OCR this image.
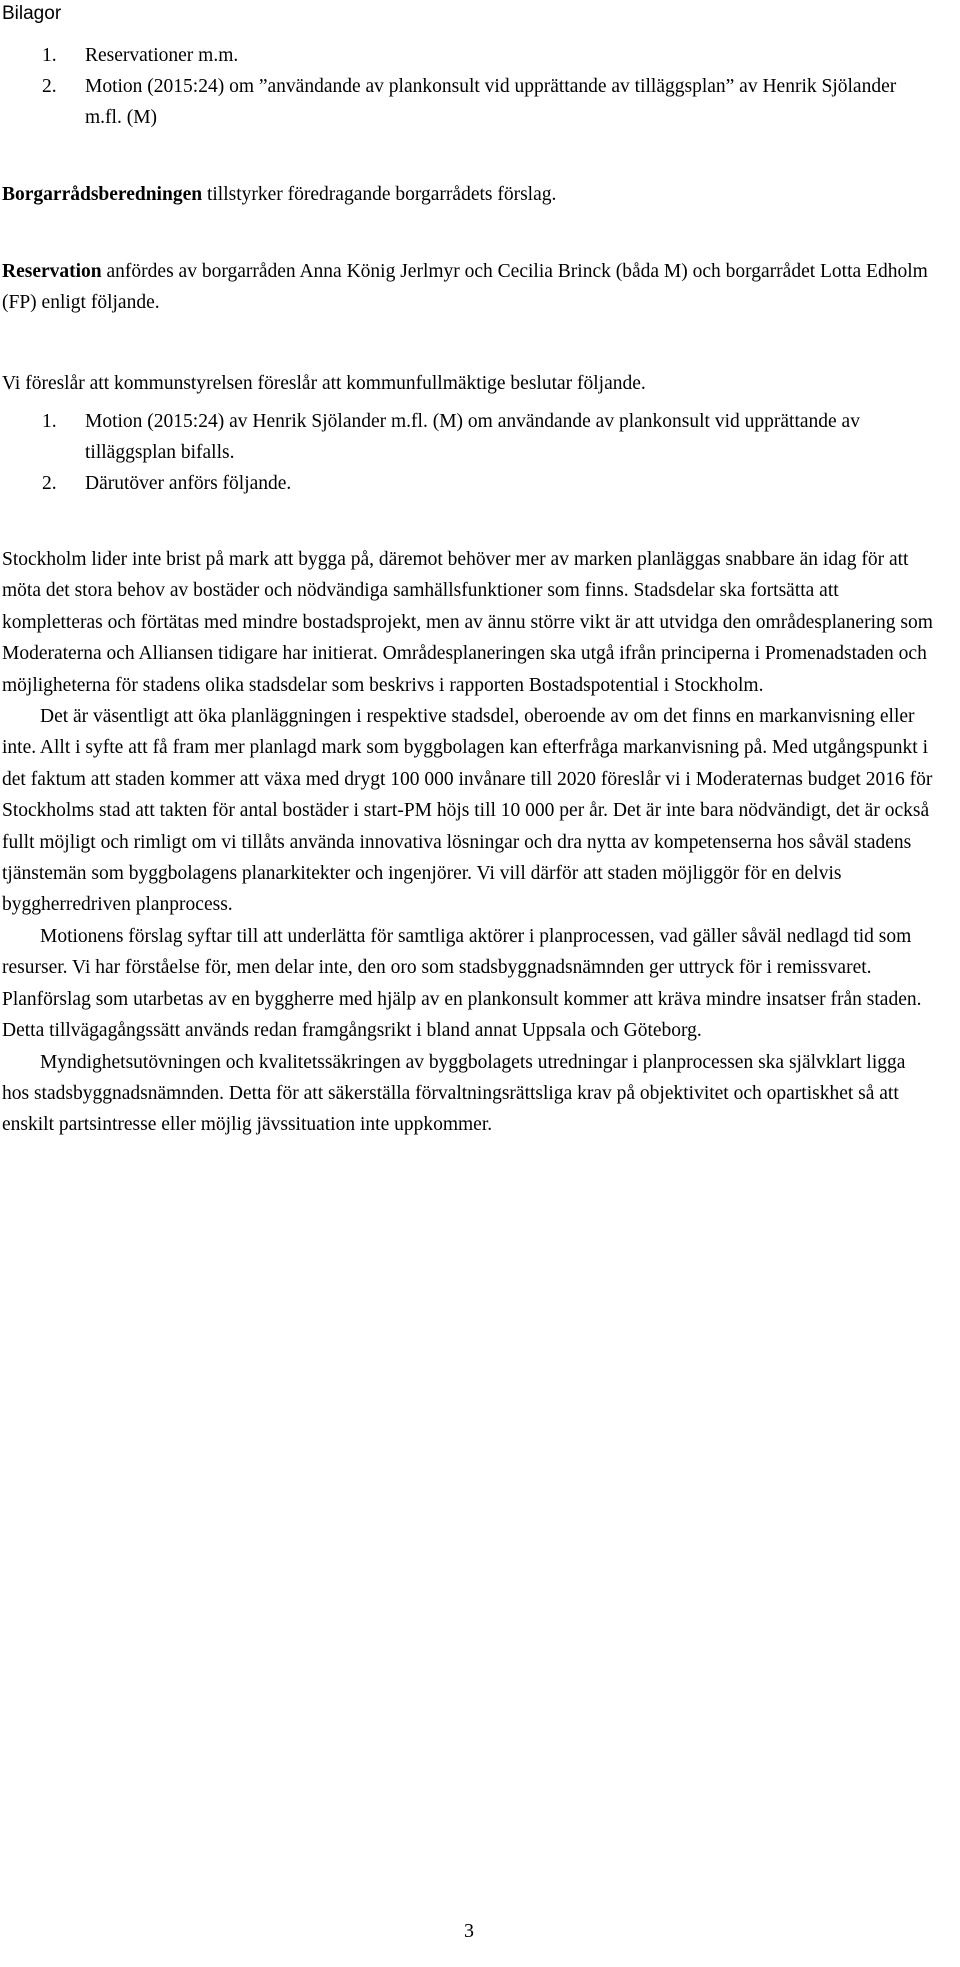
Bilagor
1. Reservationer m.m.
2. Motion (2015:24) om ”användande av plankonsult vid upprättande av tilläggsplan” av Henrik Sjölander m.fl. (M)

Borgarrådsberedningen tillstyrker föredragande borgarrådets förslag.

Reservation anfördes av borgarråden Anna König Jerlmyr och Cecilia Brinck (båda M) och borgarrådet Lotta Edholm (FP) enligt följande.

Vi föreslår att kommunstyrelsen föreslår att kommunfullmäktige beslutar följande.

1. Motion (2015:24) av Henrik Sjölander m.fl. (M) om användande av plankonsult vid upprättande av tilläggsplan bifalls.
2. Därutöver anförs följande.
Stockholm lider inte brist på mark att bygga på, däremot behöver mer av marken planläggas snabbare än idag för att möta det stora behov av bostäder och nödvändiga samhällsfunktioner som finns. Stadsdelar ska fortsätta att kompletteras och förtätas med mindre bostadsprojekt, men av ännu större vikt är att utvidga den områdesplanering som Moderaterna och Alliansen tidigare har initierat. Områdesplaneringen ska utgå ifrån principerna i Promenadstaden och möjligheterna för stadens olika stadsdelar som beskrivs i rapporten Bostadspotential i Stockholm.
Det är väsentligt att öka planläggningen i respektive stadsdel, oberoende av om det finns en markanvisning eller inte. Allt i syfte att få fram mer planlagd mark som byggbolagen kan efterfråga markanvisning på. Med utgångspunkt i det faktum att staden kommer att växa med drygt 100 000 invånare till 2020 föreslår vi i Moderaternas budget 2016 för Stockholms stad att takten för antal bostäder i start-PM höjs till 10 000 per år. Det är inte bara nödvändigt, det är också fullt möjligt och rimligt om vi tillåts använda innovativa lösningar och dra nytta av kompetenserna hos såväl stadens tjänstemän som byggbolagens planarkitekter och ingenjörer. Vi vill därför att staden möjliggör för en delvis byggherredriven planprocess.
Motionens förslag syftar till att underlätta för samtliga aktörer i planprocessen, vad gäller såväl nedlagd tid som resurser. Vi har förståelse för, men delar inte, den oro som stadsbyggnadsnämnden ger uttryck för i remissvaret. Planförslag som utarbetas av en byggherre med hjälp av en plankonsult kommer att kräva mindre insatser från staden. Detta tillvägagångssätt används redan framgångsrikt i bland annat Uppsala och Göteborg.
Myndighetsutövningen och kvalitetssäkringen av byggbolagets utredningar i planprocessen ska självklart ligga hos stadsbyggnadsnämnden. Detta för att säkerställa förvaltningsrättsliga krav på objektivitet och opartiskhet så att enskilt partsintresse eller möjlig jävssituation inte uppkommer.

3
